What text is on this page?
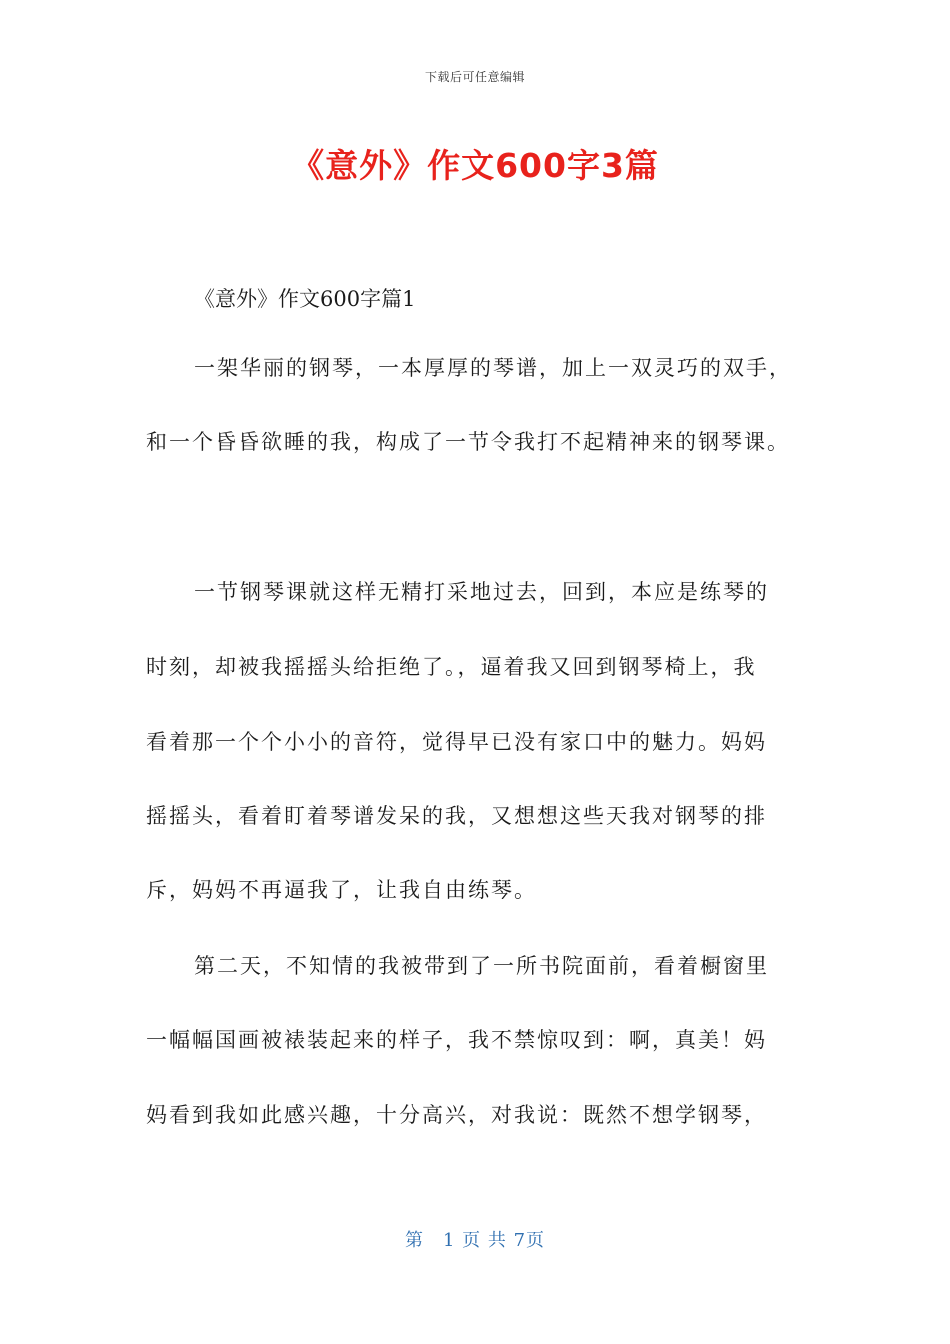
下载后可任意编辑
《意外》作文600字3篇

《意外》作文600字篇1

一架华丽的钢琴，一本厚厚的琴谱，加上一双灵巧的双手，

和一个昏昏欲睡的我，构成了一节令我打不起精神来的钢琴课。

一节钢琴课就这样无精打采地过去，回到，本应是练琴的

时刻，却被我摇摇头给拒绝了。，逼着我又回到钢琴椅上，我

看着那一个个小小的音符，觉得早已没有家口中的魅力。妈妈

摇摇头，看着盯着琴谱发呆的我，又想想这些天我对钢琴的排

斥，妈妈不再逼我了，让我自由练琴。

第二天，不知情的我被带到了一所书院面前，看着橱窗里

一幅幅国画被裱装起来的样子，我不禁惊叹到：啊，真美！妈

妈看到我如此感兴趣，十分高兴，对我说：既然不想学钢琴，

第　1 页 共 7页
